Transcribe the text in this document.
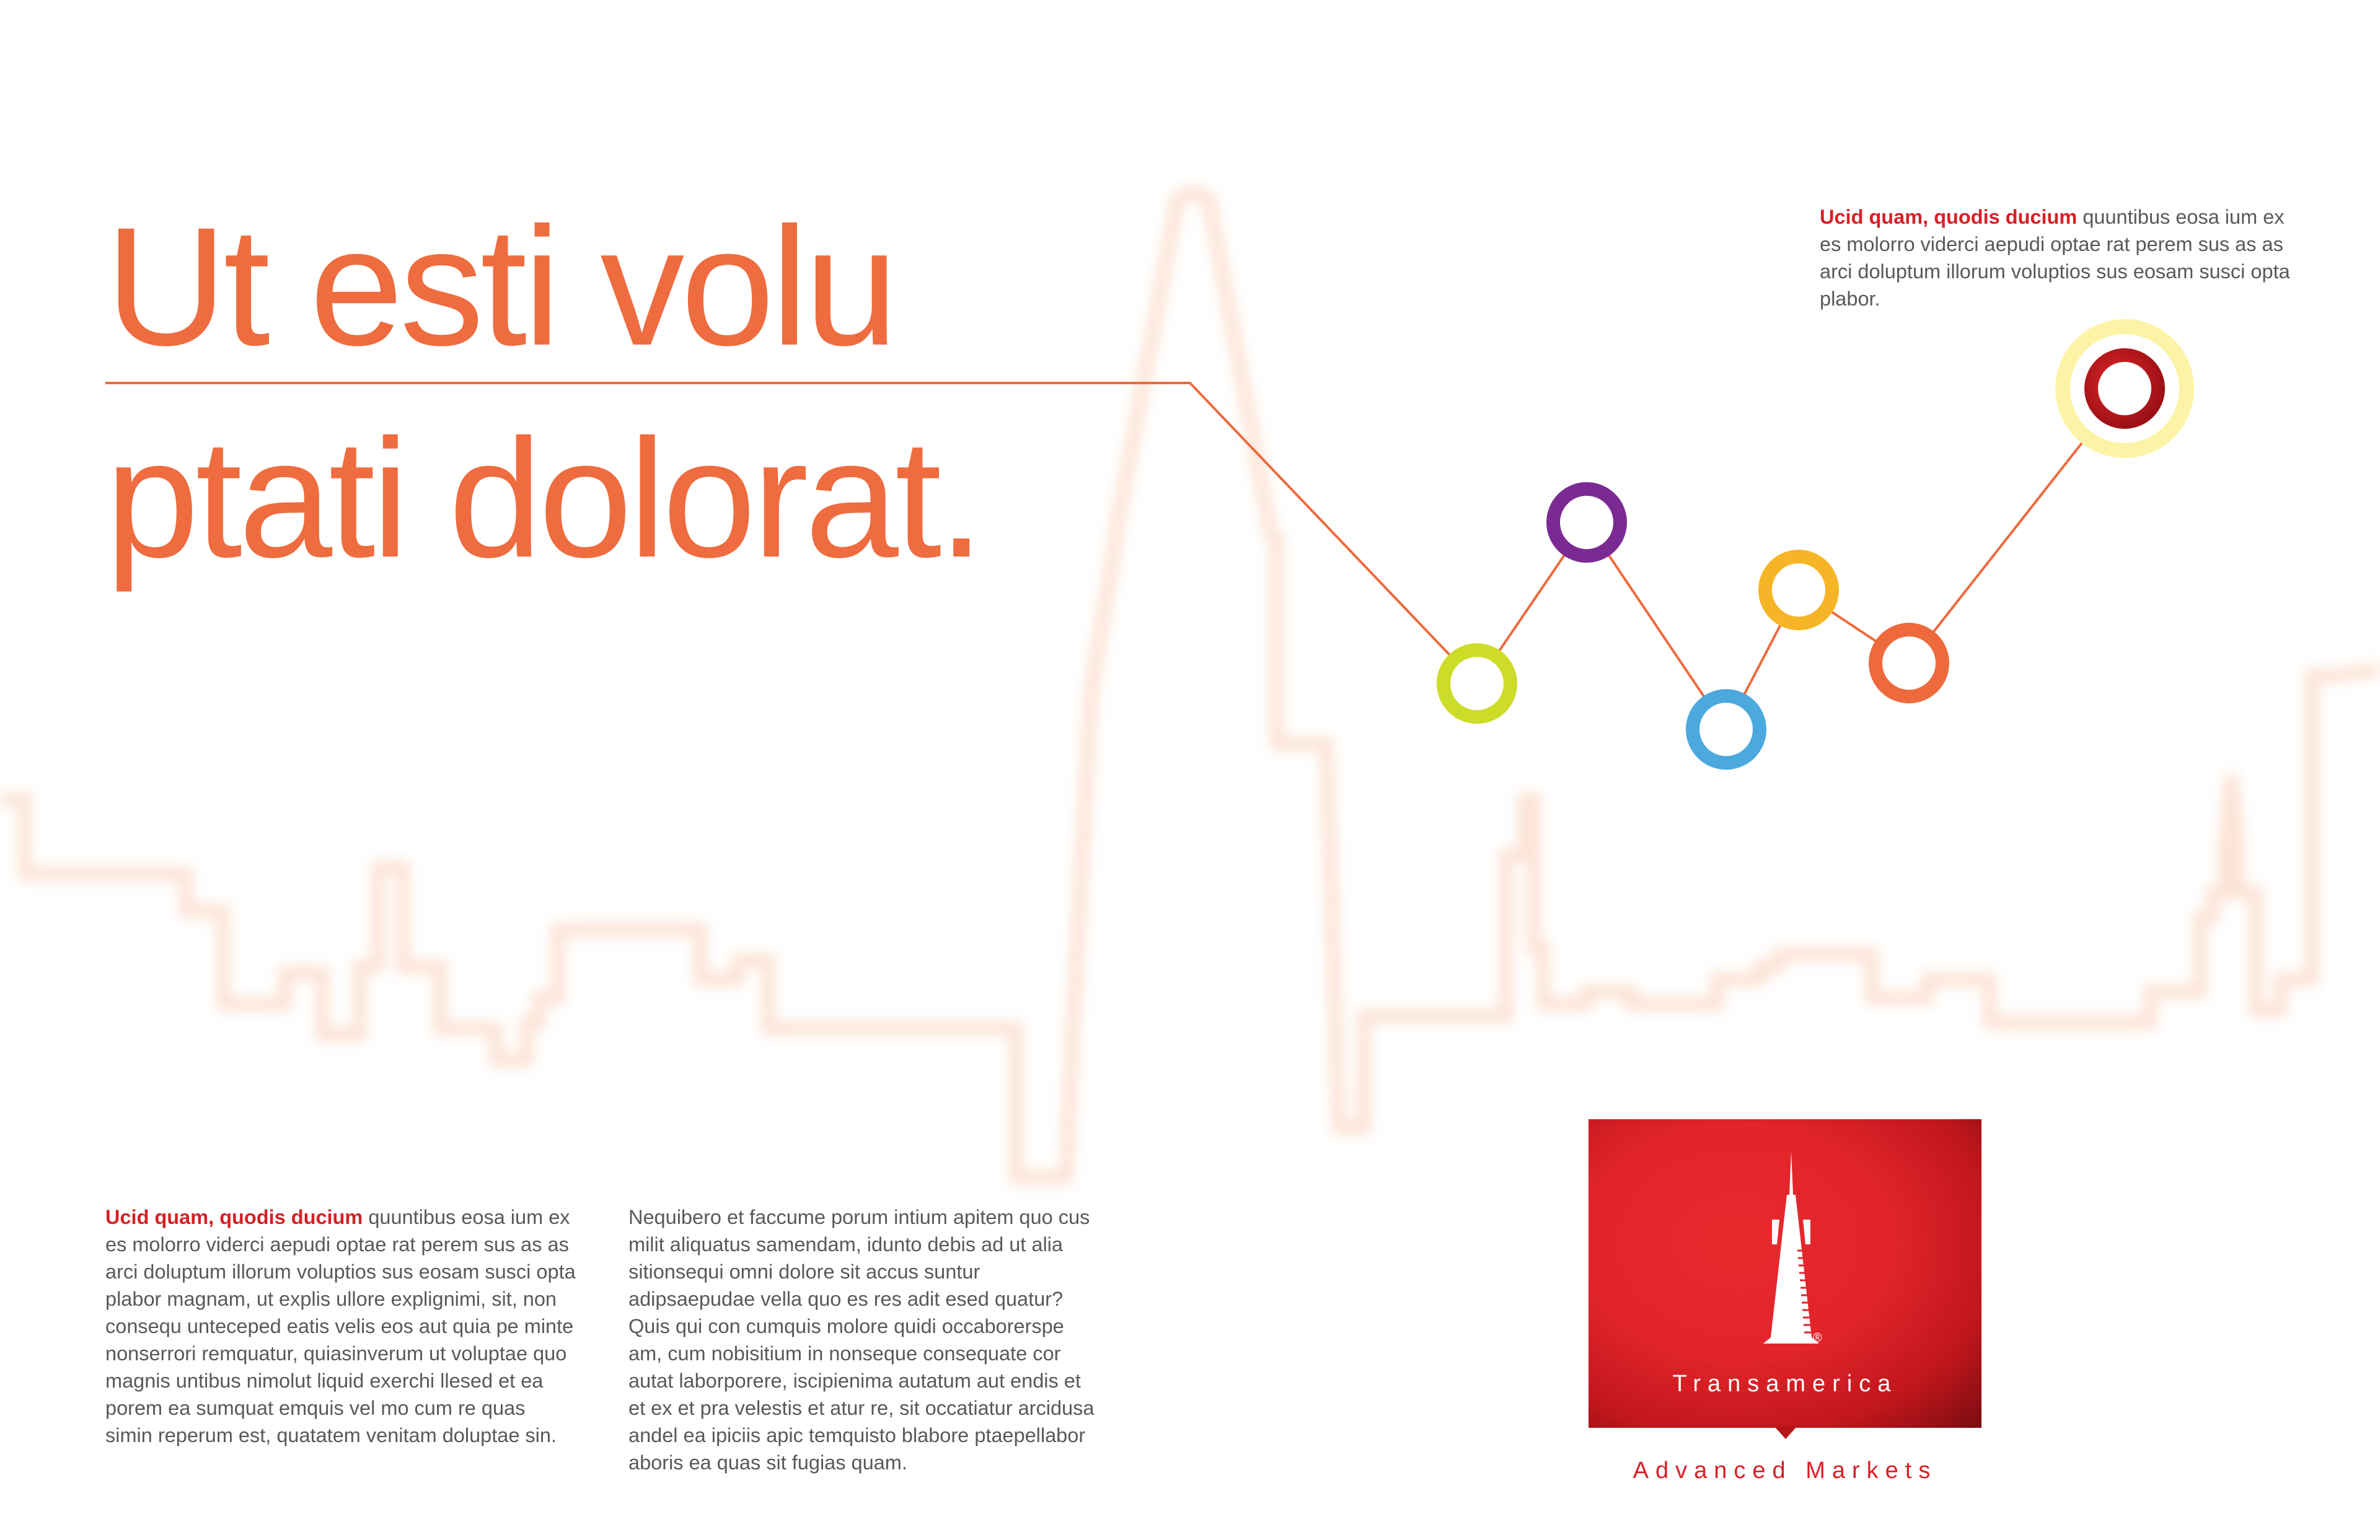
Ut esti volu
ptati dolorat.

Ucid quam, quodis ducium quuntibus eosa ium ex es molorro viderci aepudi optae rat perem sus as as arci doluptum illorum voluptios sus eosam susci opta plabor.

Ucid quam, quodis ducium quuntibus eosa ium ex es molorro viderci aepudi optae rat perem sus as as arci doluptum illorum voluptios sus eosam susci opta plabor magnam, ut explis ullore explignimi, sit, non consequ unteceped eatis velis eos aut quia pe minte nonserrori remquatur, quiasinverum ut voluptae quo magnis untibus nimolut liquid exerchi llesed et ea porem ea sumquat emquis vel mo cum re quas simin reperum est, quatatem venitam doluptae sin.

Nequibero et faccume porum intium apitem quo cus milit aliquatus samendam, idunto debis ad ut alia sitionsequi omni dolore sit accus suntur adipsaepudae vella quo es res adit esed quatur? Quis qui con cumquis molore quidi occaborerspe am, cum nobisitium in nonseque consequate cor autat laborporere, iscipienima autatum aut endis et et ex et pra velestis et atur re, sit occatiatur arcidusa andel ea ipiciis apic temquisto blabore ptaepellabor aboris ea quas sit fugias quam.

®

Transamerica

Advanced Markets
